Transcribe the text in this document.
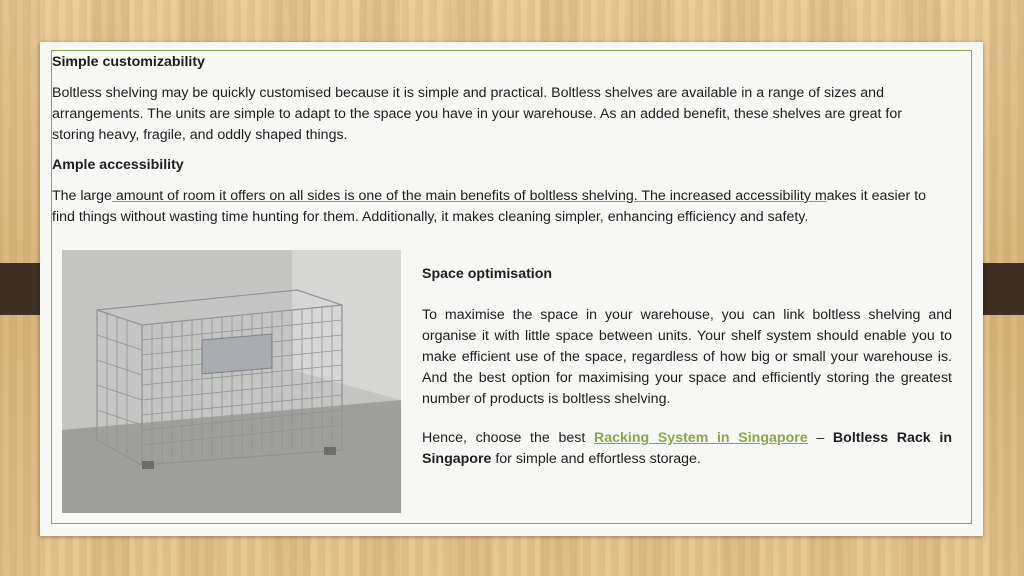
Simple customizability
Boltless shelving may be quickly customised because it is simple and practical. Boltless shelves are available in a range of sizes and arrangements. The units are simple to adapt to the space you have in your warehouse. As an added benefit, these shelves are great for storing heavy, fragile, and oddly shaped things.
Ample accessibility
The large amount of room it offers on all sides is one of the main benefits of boltless shelving. The increased accessibility makes it easier to find things without wasting time hunting for them. Additionally, it makes cleaning simpler, enhancing efficiency and safety.
Space optimisation
To maximise the space in your warehouse, you can link boltless shelving and organise it with little space between units. Your shelf system should enable you to make efficient use of the space, regardless of how big or small your warehouse is. And the best option for maximising your space and efficiently storing the greatest number of products is boltless shelving.
Hence, choose the best Racking System in Singapore – Boltless Rack in Singapore for simple and effortless storage.
